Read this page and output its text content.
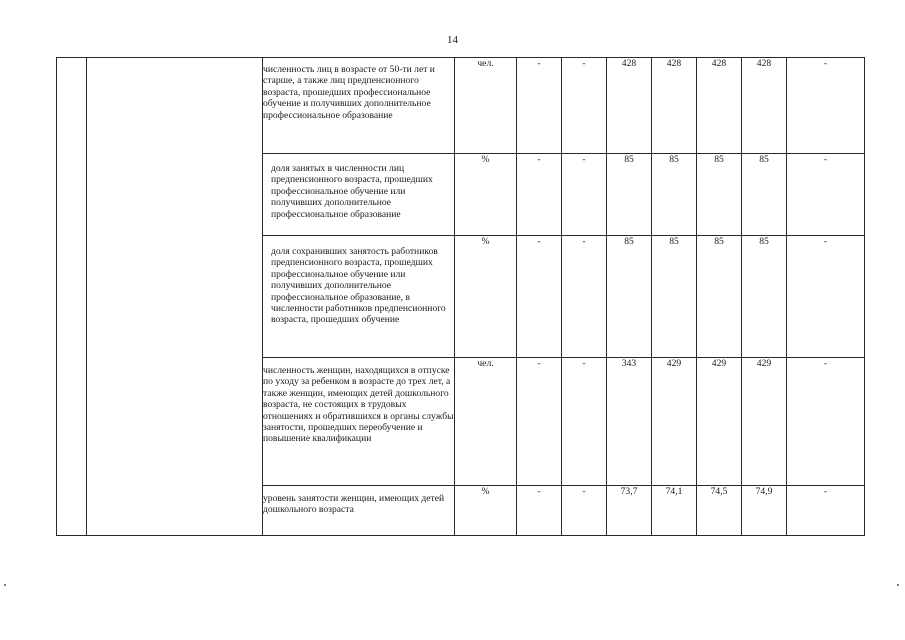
14
		численность лиц в возрасте от 50-ти лет и старше, а также лиц предпенсионного возраста, прошедших профессиональное обучение и получивших дополнительное профессиональное образование	чел.	-	-	428	428	428	428	-
		доля занятых в численности лиц предпенсионного возраста, прошедших профессиональное обучение или получивших дополнительное профессиональное образование	%	-	-	85	85	85	85	-
		доля сохранивших занятость работников предпенсионного возраста, прошедших профессиональное обучение или получивших дополнительное профессиональное образование, в численности работников предпенсионного возраста, прошедших обучение	%	-	-	85	85	85	85	-
		численность женщин, находящихся в отпуске по уходу за ребенком в возрасте до трех лет, а также женщин, имеющих детей дошкольного возраста, не состоящих в трудовых отношениях и обратившихся в органы службы занятости, прошедших переобучение и повышение квалификации	чел.	-	-	343	429	429	429	-
		уровень занятости женщин, имеющих детей дошкольного возраста	%	-	-	73,7	74,1	74,5	74,9	-
